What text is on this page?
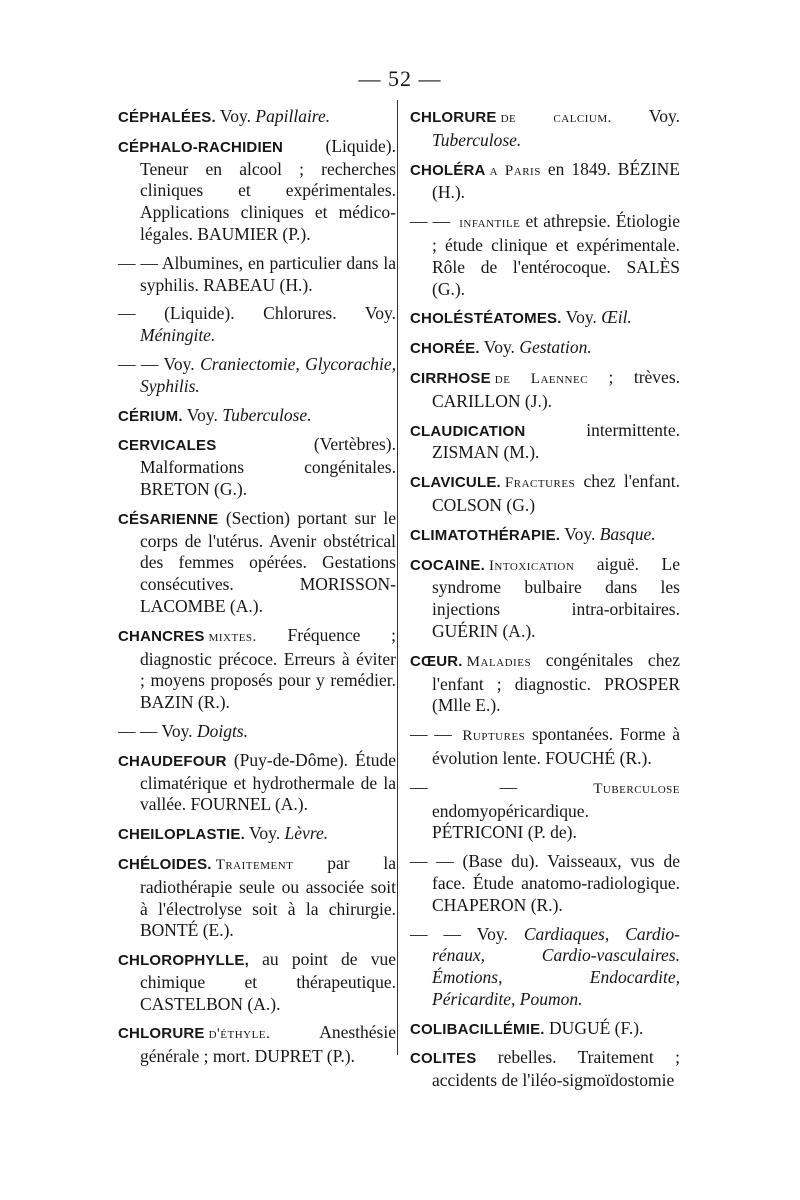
— 52 —
CÉPHALÉES. Voy. Papillaire.
CÉPHALO-RACHIDIEN (Liquide). Teneur en alcool ; recherches cliniques et expérimentales. Applications cliniques et médico-légales. BAUMIER (P.).
— — Albumines, en particulier dans la syphilis. RABEAU (H.).
— (Liquide). Chlorures. Voy. Méningite.
— — Voy. Craniectomie, Glycorachie, Syphilis.
CÉRIUM. Voy. Tuberculose.
CERVICALES (Vertèbres). Malformations congénitales. BRETON (G.).
CÉSARIENNE (Section) portant sur le corps de l'utérus. Avenir obstétrical des femmes opérées. Gestations consécutives. MORISSON-LACOMBE (A.).
CHANCRES mixtes. Fréquence ; diagnostic précoce. Erreurs à éviter ; moyens proposés pour y remédier. BAZIN (R.).
— — Voy. Doigts.
CHAUDEFOUR (Puy-de-Dôme). Étude climatérique et hydrothermale de la vallée. FOURNEL (A.).
CHEILOPLASTIE. Voy. Lèvre.
CHÉLOIDES. Traitement par la radiothérapie seule ou associée soit à l'électrolyse soit à la chirurgie. BONTÉ (E.).
CHLOROPHYLLE, au point de vue chimique et thérapeutique. CASTELBON (A.).
CHLORURE d'éthyle. Anesthésie générale ; mort. DUPRET (P.).
CHLORURE de calcium. Voy. Tuberculose.
CHOLÉRA a Paris en 1849. BÉZINE (H.).
— — infantile et athrepsie. Étiologie ; étude clinique et expérimentale. Rôle de l'entérocoque. SALÈS (G.).
CHOLÉSTÉATOMES. Voy. Œil.
CHORÉE. Voy. Gestation.
CIRRHOSE de Laennec ; trèves. CARILLON (J.).
CLAUDICATION intermittente. ZISMAN (M.).
CLAVICULE. Fractures chez l'enfant. COLSON (G.)
CLIMATOTHÉRAPIE. Voy. Basque.
COCAINE. Intoxication aiguë. Le syndrome bulbaire dans les injections intra-orbitaires. GUÉRIN (A.).
CŒUR. Maladies congénitales chez l'enfant ; diagnostic. PROSPER (Mlle E.).
— — Ruptures spontanées. Forme à évolution lente. FOUCHÉ (R.).
— — Tuberculose endomyopéricardique. PÉTRICONI (P. de).
— — (Base du). Vaisseaux, vus de face. Étude anatomo-radiologique. CHAPERON (R.).
— — Voy. Cardiaques, Cardio-rénaux, Cardio-vasculaires. Émotions, Endocardite, Péricardite, Poumon.
COLIBACILLÉMIE. DUGUÉ (F.).
COLITES rebelles. Traitement ; accidents de l'iléo-sigmoïdostomie
